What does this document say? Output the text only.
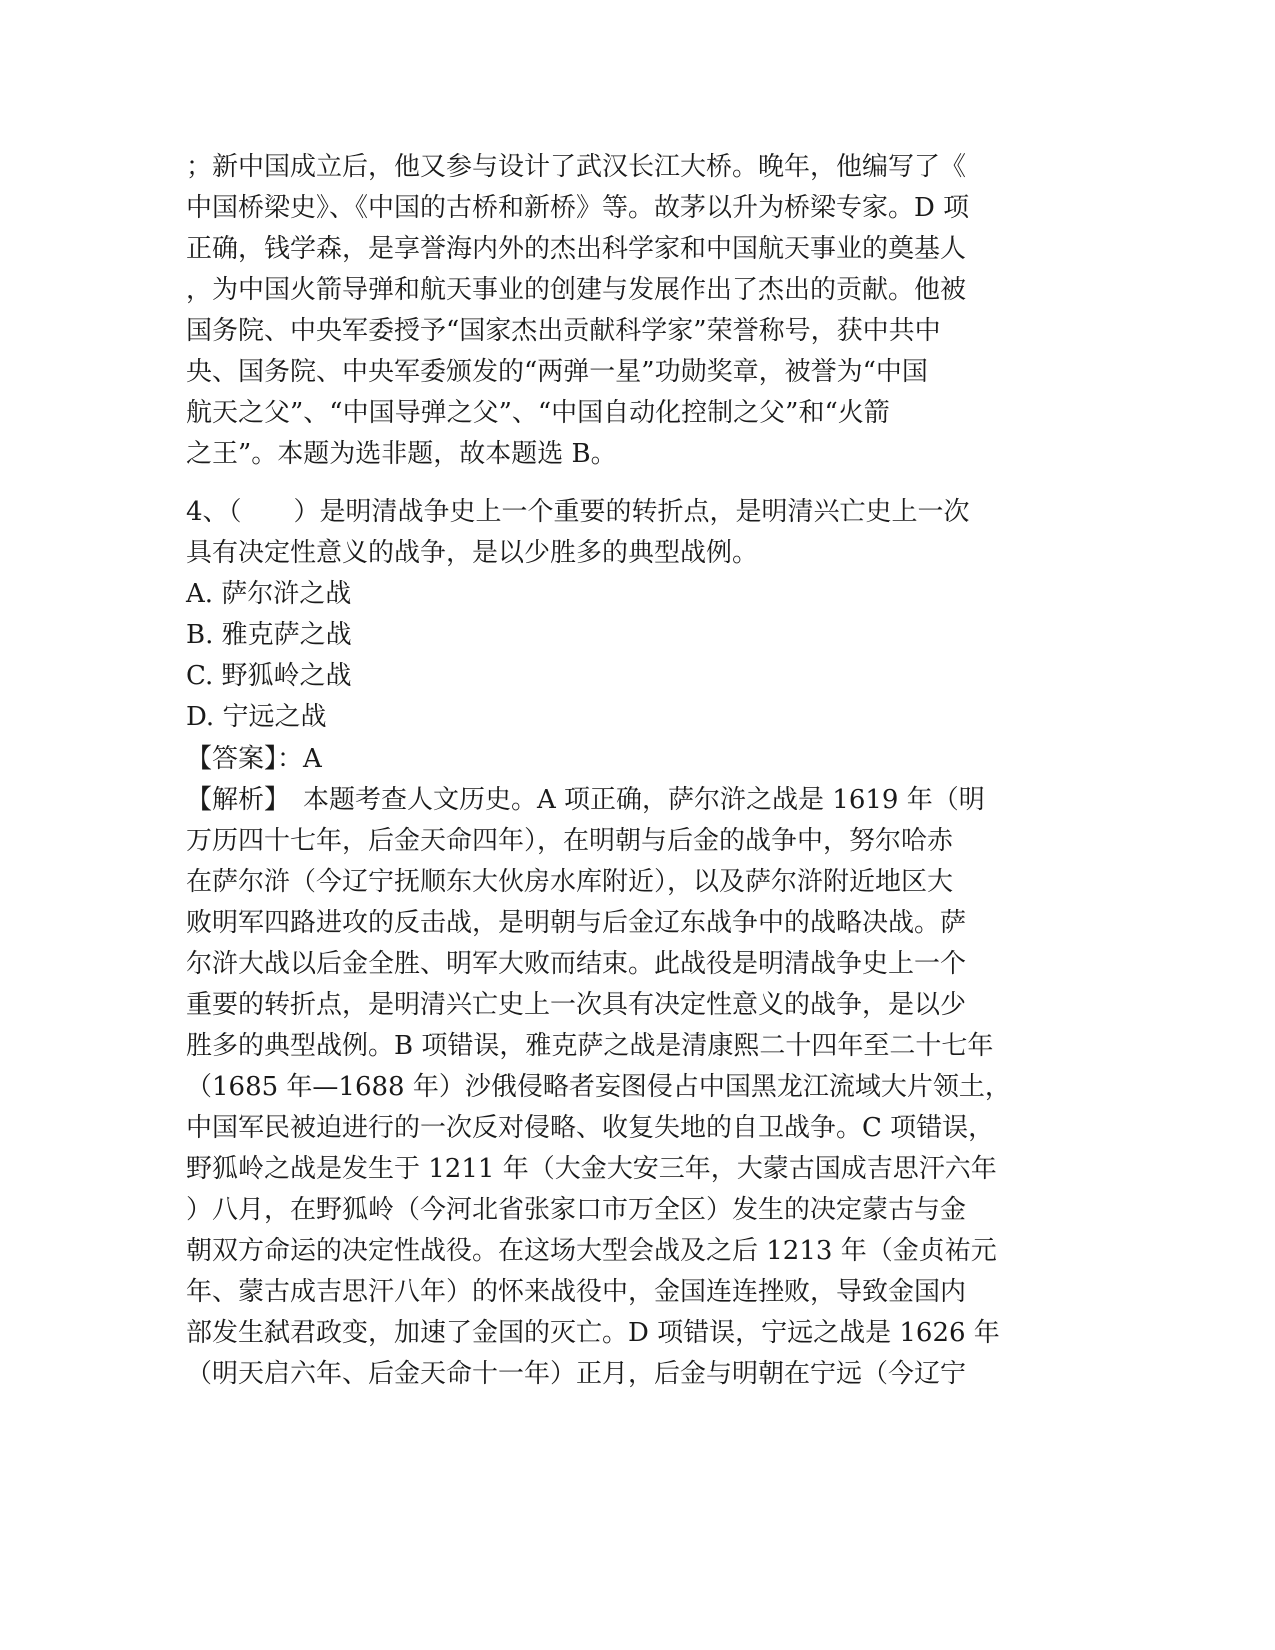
；新中国成立后，他又参与设计了武汉长江大桥。晚年，他编写了《
中国桥梁史》、《中国的古桥和新桥》等。故茅以升为桥梁专家。D 项
正确，钱学森，是享誉海内外的杰出科学家和中国航天事业的奠基人
，为中国火箭导弹和航天事业的创建与发展作出了杰出的贡献。他被
国务院、中央军委授予“国家杰出贡献科学家”荣誉称号，获中共中
央、国务院、中央军委颁发的“两弹一星”功勋奖章，被誉为“中国
航天之父”、“中国导弹之父”、“中国自动化控制之父”和“火箭
之王”。本题为选非题，故本题选 B。
4、（　　）是明清战争史上一个重要的转折点，是明清兴亡史上一次
具有决定性意义的战争，是以少胜多的典型战例。
A. 萨尔浒之战
B. 雅克萨之战
C. 野狐岭之战
D. 宁远之战
【答案】：A
【解析】　本题考查人文历史。A 项正确，萨尔浒之战是 1619 年（明
万历四十七年，后金天命四年），在明朝与后金的战争中，努尔哈赤
在萨尔浒（今辽宁抚顺东大伙房水库附近），以及萨尔浒附近地区大
败明军四路进攻的反击战，是明朝与后金辽东战争中的战略决战。萨
尔浒大战以后金全胜、明军大败而结束。此战役是明清战争史上一个
重要的转折点，是明清兴亡史上一次具有决定性意义的战争，是以少
胜多的典型战例。B 项错误，雅克萨之战是清康熙二十四年至二十七年
（1685 年—1688 年）沙俄侵略者妄图侵占中国黑龙江流域大片领土，
中国军民被迫进行的一次反对侵略、收复失地的自卫战争。C 项错误，
野狐岭之战是发生于 1211 年（大金大安三年，大蒙古国成吉思汗六年
）八月，在野狐岭（今河北省张家口市万全区）发生的决定蒙古与金
朝双方命运的决定性战役。在这场大型会战及之后 1213 年（金贞祐元
年、蒙古成吉思汗八年）的怀来战役中，金国连连挫败，导致金国内
部发生弑君政变，加速了金国的灭亡。D 项错误，宁远之战是 1626 年
（明天启六年、后金天命十一年）正月，后金与明朝在宁远（今辽宁
